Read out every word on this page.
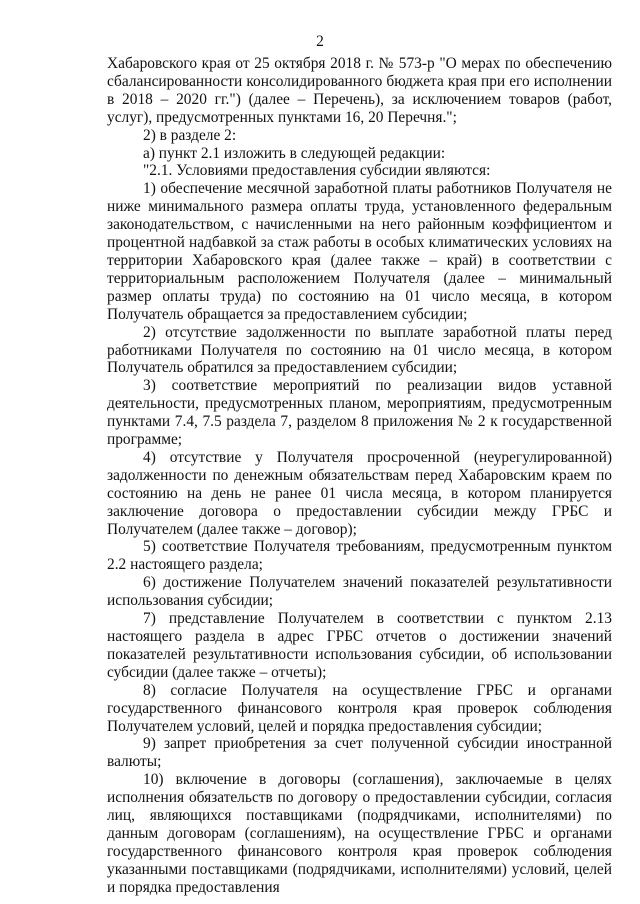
2

Хабаровского края от 25 октября 2018 г. № 573-р "О мерах по обеспечению сбалансированности консолидированного бюджета края при его исполнении в 2018 – 2020 гг.") (далее – Перечень), за исключением товаров (работ, услуг), предусмотренных пунктами 16, 20 Перечня.";

2) в разделе 2:

а) пункт 2.1 изложить в следующей редакции:

"2.1. Условиями предоставления субсидии являются:

1) обеспечение месячной заработной платы работников Получателя не ниже минимального размера оплаты труда, установленного федеральным законодательством, с начисленными на него районным коэффициентом и процентной надбавкой за стаж работы в особых климатических условиях на территории Хабаровского края (далее также – край) в соответствии с территориальным расположением Получателя (далее – минимальный размер оплаты труда) по состоянию на 01 число месяца, в котором Получатель обращается за предоставлением субсидии;

2) отсутствие задолженности по выплате заработной платы перед работниками Получателя по состоянию на 01 число месяца, в котором Получатель обратился за предоставлением субсидии;

3) соответствие мероприятий по реализации видов уставной деятельности, предусмотренных планом, мероприятиям, предусмотренным пунктами 7.4, 7.5 раздела 7, разделом 8 приложения № 2 к государственной программе;

4) отсутствие у Получателя просроченной (неурегулированной) задолженности по денежным обязательствам перед Хабаровским краем по состоянию на день не ранее 01 числа месяца, в котором планируется заключение договора о предоставлении субсидии между ГРБС и Получателем (далее также – договор);

5) соответствие Получателя требованиям, предусмотренным пунктом 2.2 настоящего раздела;

6) достижение Получателем значений показателей результативности использования субсидии;

7) представление Получателем в соответствии с пунктом 2.13 настоящего раздела в адрес ГРБС отчетов о достижении значений показателей результативности использования субсидии, об использовании субсидии (далее также – отчеты);

8) согласие Получателя на осуществление ГРБС и органами государственного финансового контроля края проверок соблюдения Получателем условий, целей и порядка предоставления субсидии;

9) запрет приобретения за счет полученной субсидии иностранной валюты;

10) включение в договоры (соглашения), заключаемые в целях исполнения обязательств по договору о предоставлении субсидии, согласия лиц, являющихся поставщиками (подрядчиками, исполнителями) по данным договорам (соглашениям), на осуществление ГРБС и органами государственного финансового контроля края проверок соблюдения указанными поставщиками (подрядчиками, исполнителями) условий, целей и порядка предоставления
